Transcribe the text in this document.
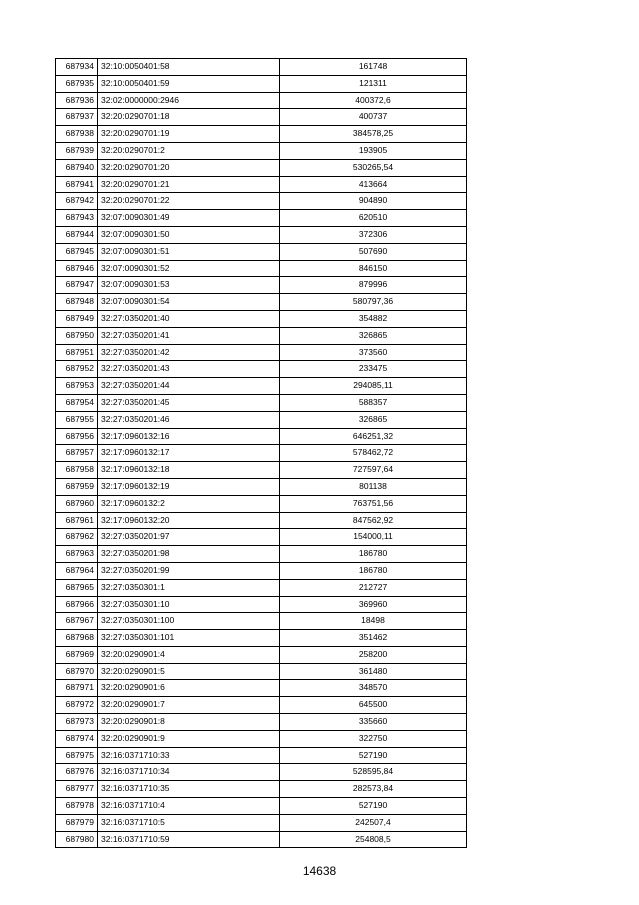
687934	32:10:0050401:58	161748
687935	32:10:0050401:59	121311
687936	32:02:0000000:2946	400372,6
687937	32:20:0290701:18	400737
687938	32:20:0290701:19	384578,25
687939	32:20:0290701:2	193905
687940	32:20:0290701:20	530265,54
687941	32:20:0290701:21	413664
687942	32:20:0290701:22	904890
687943	32:07:0090301:49	620510
687944	32:07:0090301:50	372306
687945	32:07:0090301:51	507690
687946	32:07:0090301:52	846150
687947	32:07:0090301:53	879996
687948	32:07:0090301:54	580797,36
687949	32:27:0350201:40	354882
687950	32:27:0350201:41	326865
687951	32:27:0350201:42	373560
687952	32:27:0350201:43	233475
687953	32:27:0350201:44	294085,11
687954	32:27:0350201:45	588357
687955	32:27:0350201:46	326865
687956	32:17:0960132:16	646251,32
687957	32:17:0960132:17	578462,72
687958	32:17:0960132:18	727597,64
687959	32:17:0960132:19	801138
687960	32:17:0960132:2	763751,56
687961	32:17:0960132:20	847562,92
687962	32:27:0350201:97	154000,11
687963	32:27:0350201:98	186780
687964	32:27:0350201:99	186780
687965	32:27:0350301:1	212727
687966	32:27:0350301:10	369960
687967	32:27:0350301:100	18498
687968	32:27:0350301:101	351462
687969	32:20:0290901:4	258200
687970	32:20:0290901:5	361480
687971	32:20:0290901:6	348570
687972	32:20:0290901:7	645500
687973	32:20:0290901:8	335660
687974	32:20:0290901:9	322750
687975	32:16:0371710:33	527190
687976	32:16:0371710:34	528595,84
687977	32:16:0371710:35	282573,84
687978	32:16:0371710:4	527190
687979	32:16:0371710:5	242507,4
687980	32:16:0371710:59	254808,5
14638
